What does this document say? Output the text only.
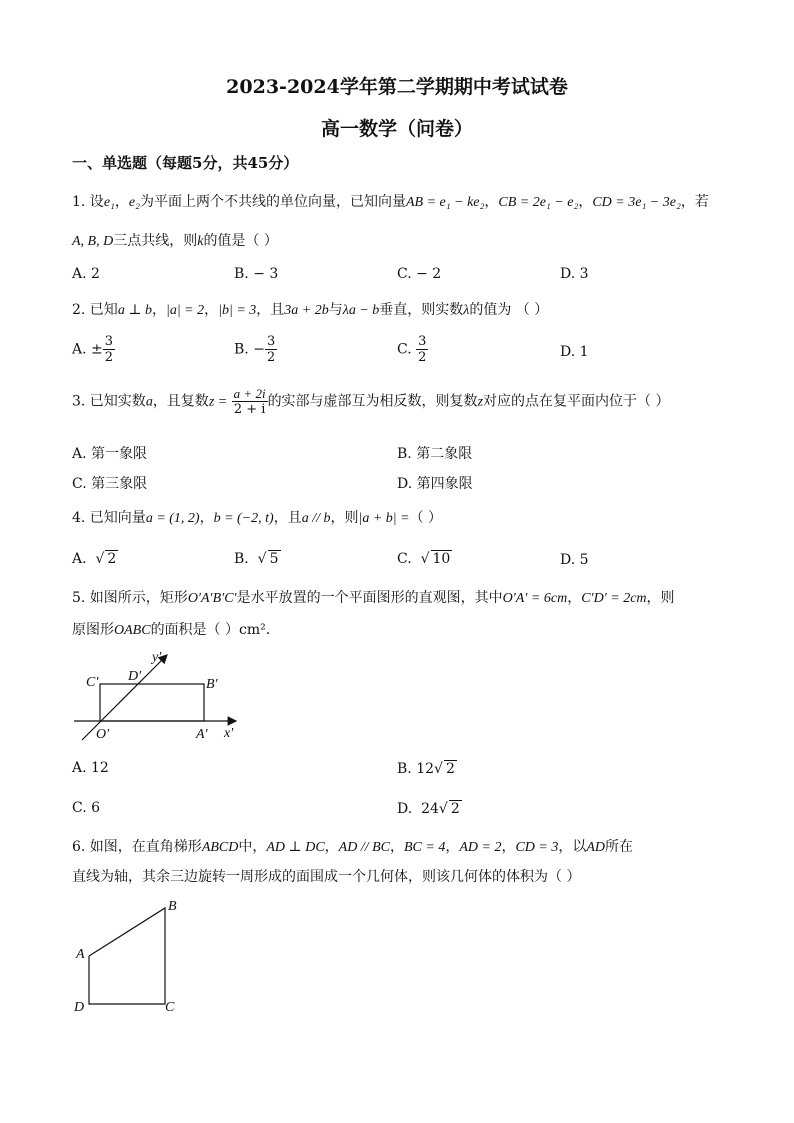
2023-2024学年第二学期期中考试试卷
高一数学（问卷）
一、单选题（每题5分，共45分）
1. 设e₁，e₂为平面上两个不共线的单位向量，已知向量AB = e₁ − ke₂，CB = 2e₁ − e₂，CD = 3e₁ − 3e₂，若
A, B, D三点共线，则k的值是（ ）
A. 2	B. − 3	C. − 2	D. 3
2. 已知a ⊥ b，|a| = 2，|b| = 3，且3a + 2b与λa − b垂直，则实数λ的值为 （ ）
A. ± $\frac{3}{2}$	B. − $\frac{3}{2}$	C. $\frac{3}{2}$	D. 1
3. 已知实数a，且复数$z = \frac{a + 2i}{2 + i}$ 的实部与虚部互为相反数，则复数z对应的点在复平面内位于（ ）
A. 第一象限	B. 第二象限
C. 第三象限	D. 第四象限
4. 已知向量a = (1, 2)，b = (−2, t)，且a // b，则|a + b| =（ ）
A.  √ 2	B.  √ 5	C.  √ 10	D. 5
5. 如图所示，矩形O′A′B′C′是水平放置的一个平面图形的直观图，其中O′A′ = 6cm，C′D′ = 2cm，则
原图形OABC的面积是（ ）cm².
y′
x′
C′ D′
B′
O′	A′
A. 12	B. 12√ 2
C. 6	D. 24√ 2
6. 如图，在直角梯形ABCD中，AD ⊥ DC，AD // BC，BC = 4，AD = 2，CD = 3，以AD所在
直线为轴，其余三边旋转一周形成的面围成一个几何体，则该几何体的体积为（ ）
B
A
D	C
